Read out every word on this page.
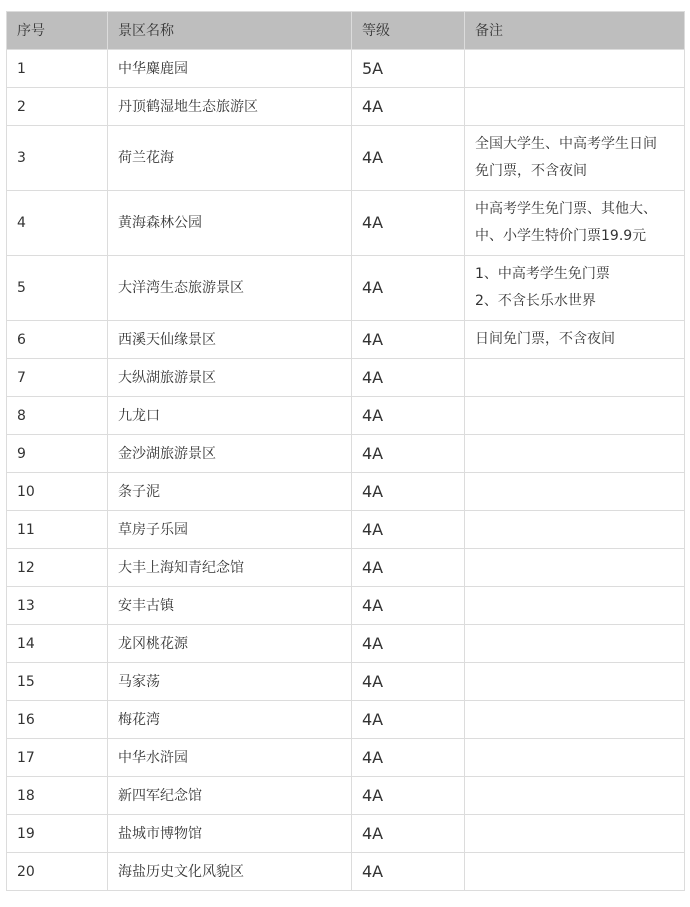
序号	景区名称	等级	备注
1	中华麋鹿园	5A	
2	丹顶鹤湿地生态旅游区	4A	
3	荷兰花海	4A	全国大学生、中高考学生日间
免门票，不含夜间

4	黄海森林公园	4A	中高考学生免门票、其他大、
中、小学生特价门票19.9元

5	大洋湾生态旅游景区	4A	1、中高考学生免门票
2、不含长乐水世界

6	西溪天仙缘景区	4A	日间免门票，不含夜间

7	大纵湖旅游景区	4A	
8	九龙口	4A	
9	金沙湖旅游景区	4A	
10	条子泥	4A	
11	草房子乐园	4A	
12	大丰上海知青纪念馆	4A	
13	安丰古镇	4A	
14	龙冈桃花源	4A	
15	马家荡	4A	
16	梅花湾	4A	
17	中华水浒园	4A	
18	新四军纪念馆	4A	
19	盐城市博物馆	4A	
20	海盐历史文化风貌区	4A	
